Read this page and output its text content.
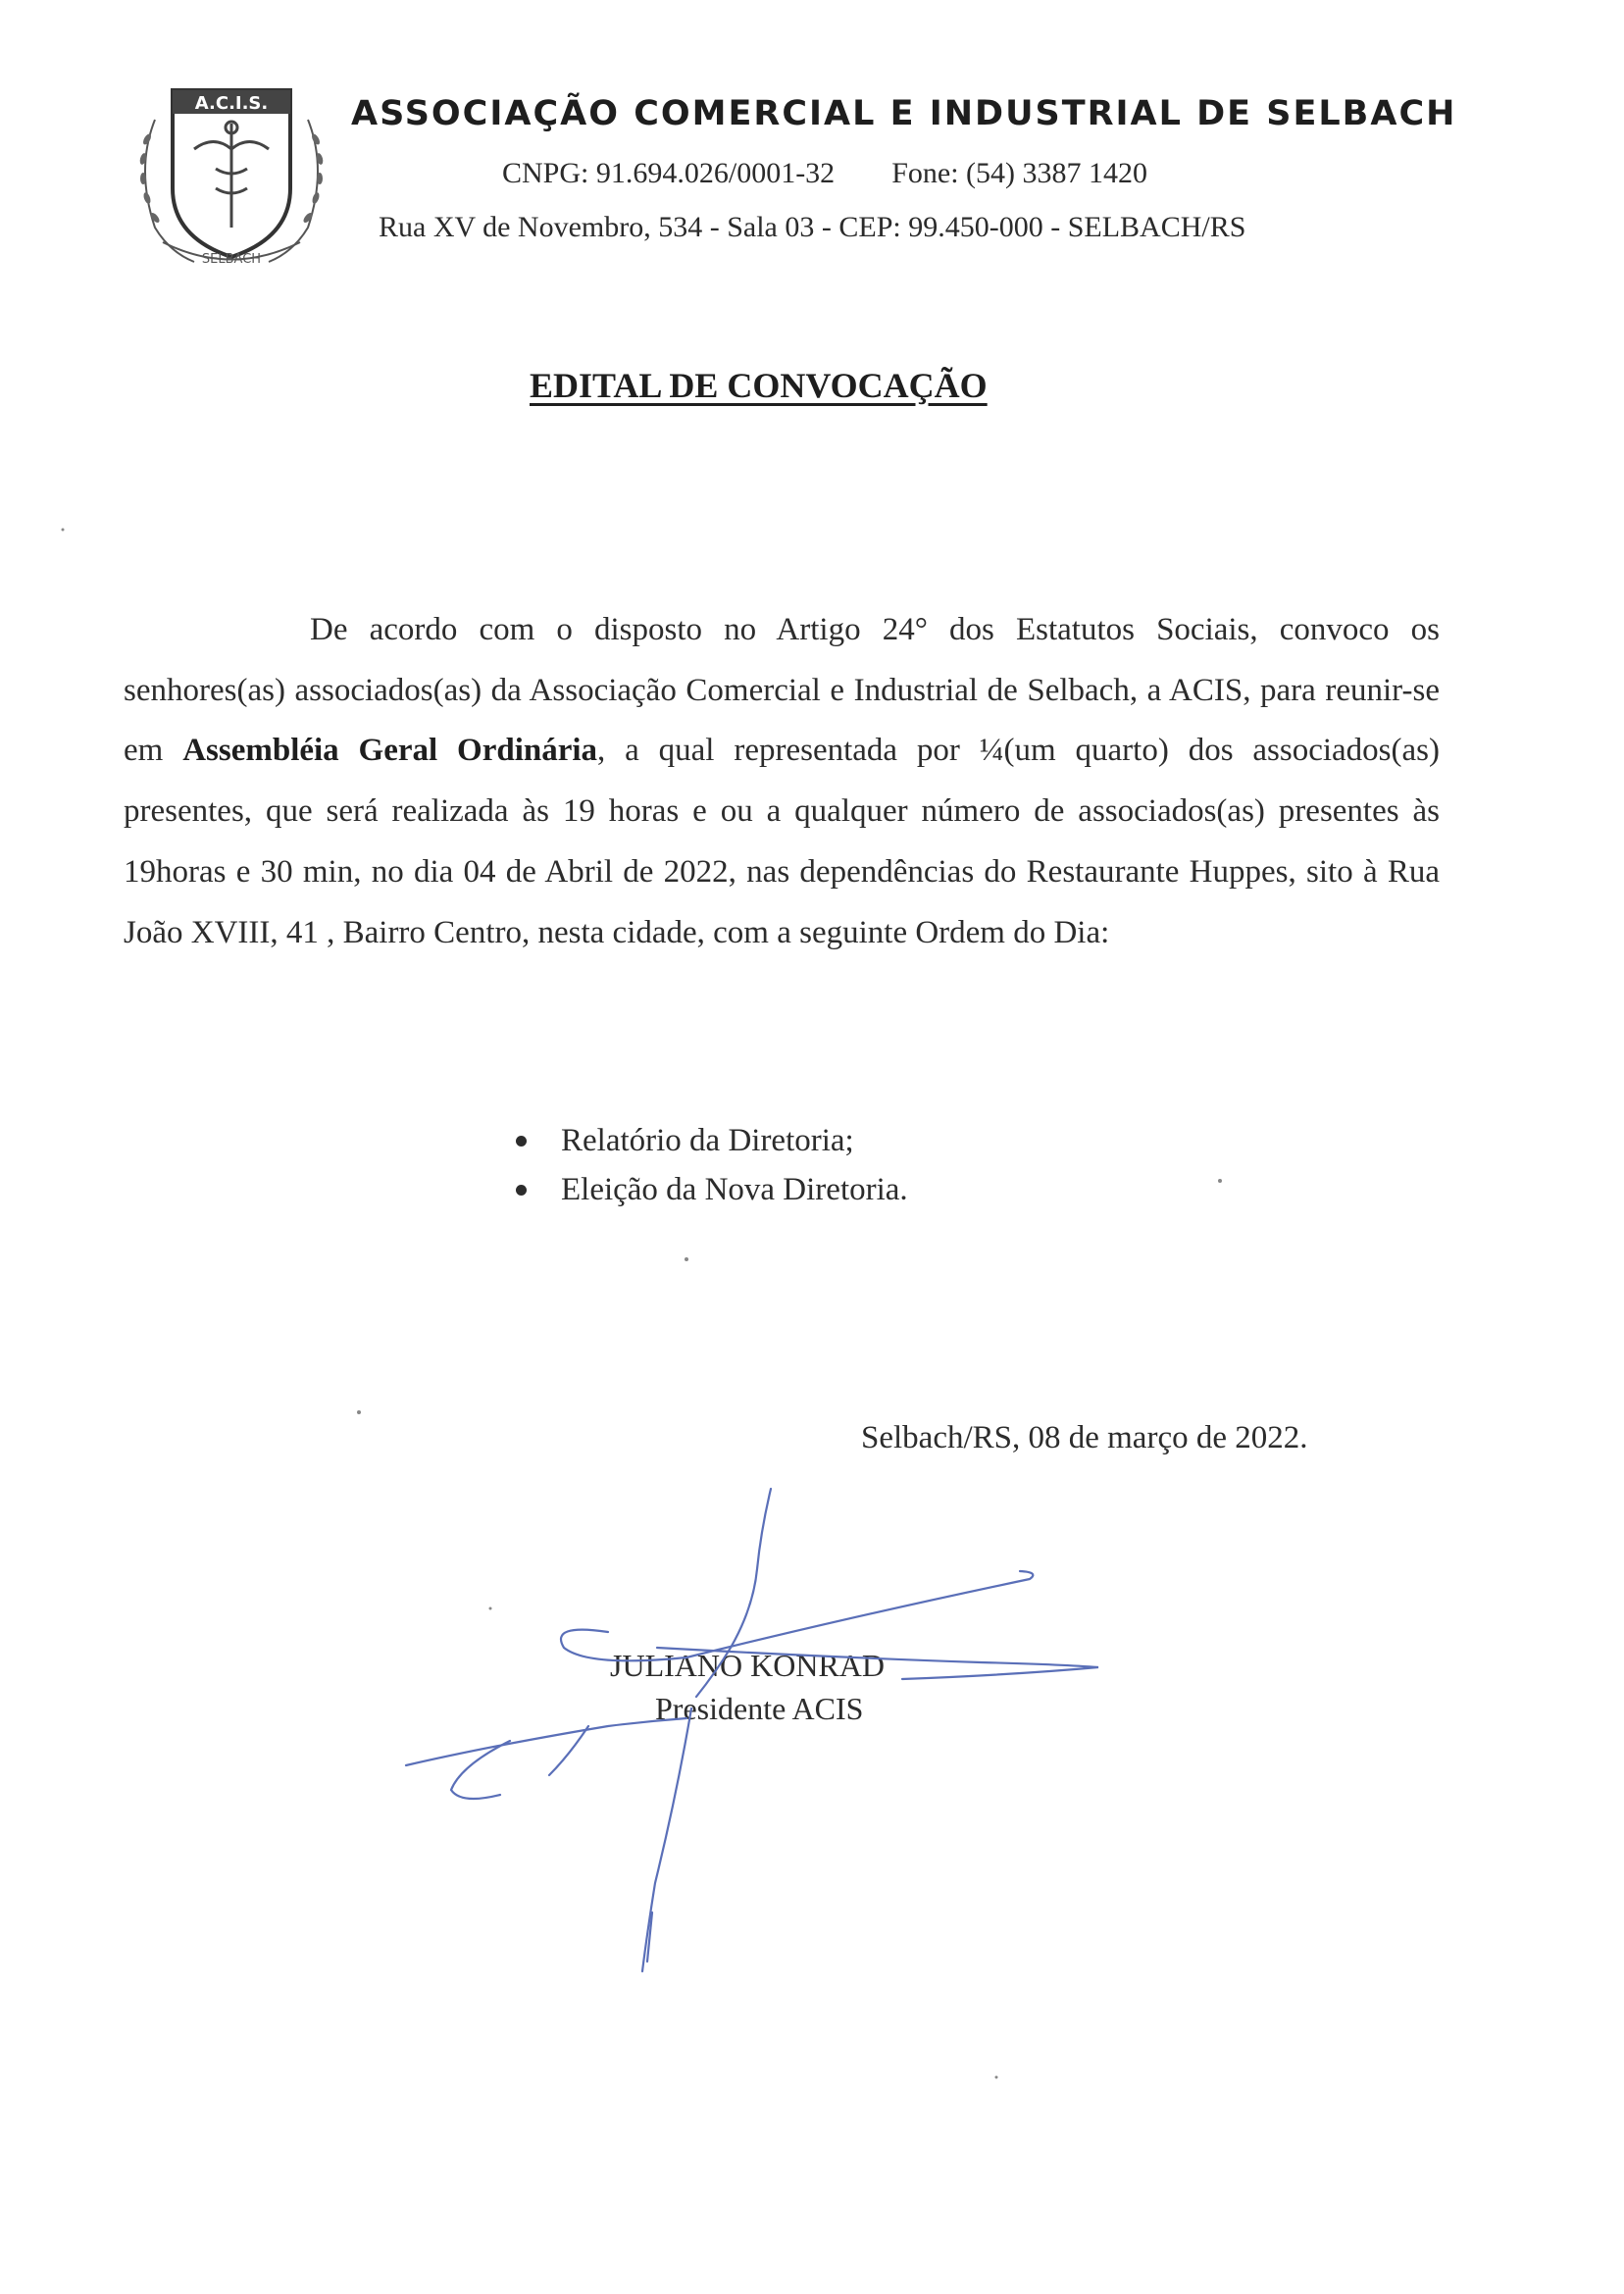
A.C.I.S.
SELBACH
ASSOCIAÇÃO COMERCIAL E INDUSTRIAL DE SELBACH
CNPG: 91.694.026/0001-32 Fone: (54) 3387 1420
Rua XV de Novembro, 534 - Sala 03 - CEP: 99.450-000 - SELBACH/RS
EDITAL DE CONVOCAÇÃO
De acordo com o disposto no Artigo 24° dos Estatutos Sociais, convoco os senhores(as) associados(as) da Associação Comercial e Industrial de Selbach, a ACIS, para reunir-se em Assembléia Geral Ordinária, a qual representada por ¼(um quarto) dos associados(as) presentes, que será realizada às 19 horas e ou a qualquer número de associados(as) presentes às 19horas e 30 min, no dia 04 de Abril de 2022, nas dependências do Restaurante Huppes, sito à Rua João XVIII, 41 , Bairro Centro, nesta cidade, com a seguinte Ordem do Dia:
Relatório da Diretoria;
Eleição da Nova Diretoria.
Selbach/RS, 08 de março de 2022.
JULIANO KONRAD
Presidente ACIS
